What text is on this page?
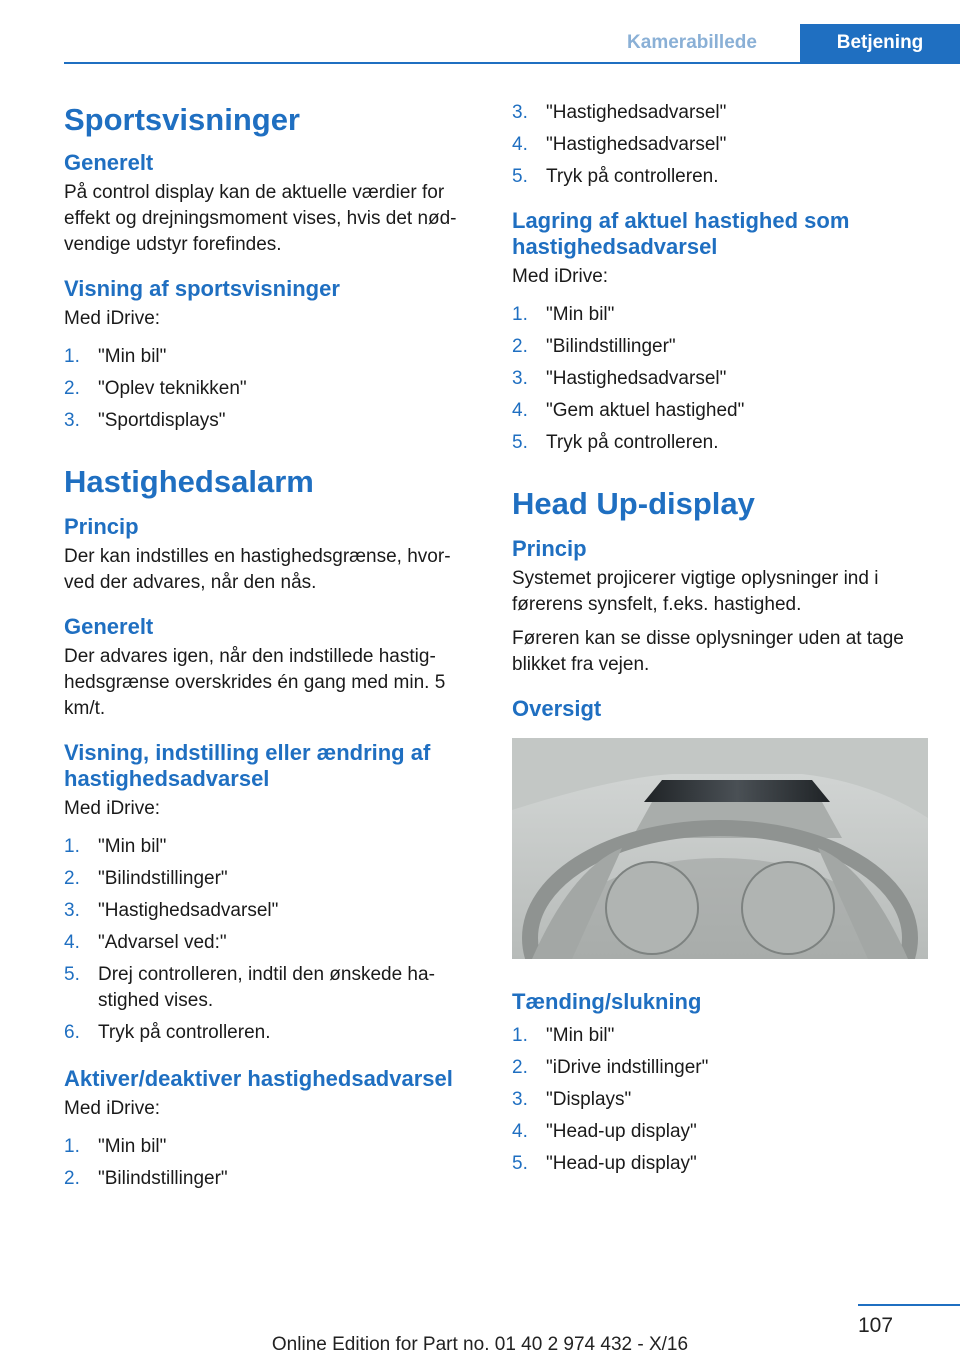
Kamerabillede	Betjening
Sportsvisninger
Generelt

På control display kan de aktuelle værdier for effekt og drejningsmoment vises, hvis det nød-vendige udstyr forefindes.

Visning af sportsvisninger

Med iDrive:

1. "Min bil"
2. "Oplev teknikken"
3. "Sportdisplays"
Hastighedsalarm
Princip

Der kan indstilles en hastighedsgrænse, hvor-ved der advares, når den nås.

Generelt

Der advares igen, når den indstillede hastig-hedsgrænse overskrides én gang med min. 5 km/t.

Visning, indstilling eller ændring af hastighedsadvarsel

Med iDrive:

1. "Min bil"
2. "Bilindstillinger"
3. "Hastighedsadvarsel"
4. "Advarsel ved:"
5. Drej controlleren, indtil den ønskede ha-stighed vises.
6. Tryk på controlleren.
Aktiver/deaktiver hastighedsadvarsel

Med iDrive:

1. "Min bil"
2. "Bilindstillinger"
3. "Hastighedsadvarsel"
4. "Hastighedsadvarsel"
5. Tryk på controlleren.
Lagring af aktuel hastighed som hastighedsadvarsel

Med iDrive:

1. "Min bil"
2. "Bilindstillinger"
3. "Hastighedsadvarsel"
4. "Gem aktuel hastighed"
5. Tryk på controlleren.
Head Up-display
Princip

Systemet projicerer vigtige oplysninger ind i førerens synsfelt, f.eks. hastighed.

Føreren kan se disse oplysninger uden at tage blikket fra vejen.

Oversigt
Tænding/slukning
1. "Min bil"
2. "iDrive indstillinger"
3. "Displays"
4. "Head-up display"
5. "Head-up display"
107
Online Edition for Part no. 01 40 2 974 432 - X/16
